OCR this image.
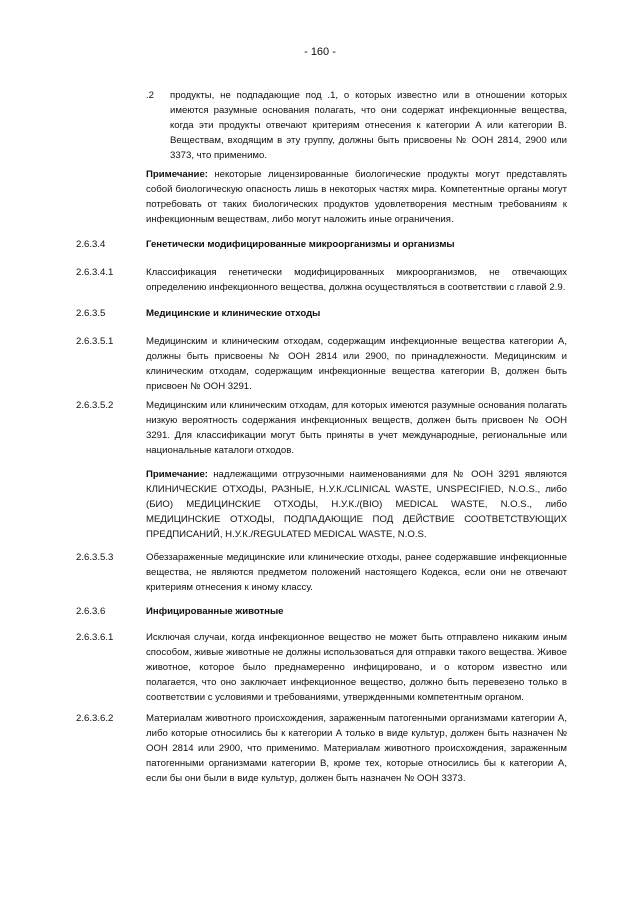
- 160 -
.2	продукты, не подпадающие под .1, о которых известно или в отношении которых имеются разумные основания полагать, что они содержат инфекционные вещества, когда эти продукты отвечают критериям отнесения к категории А или категории В. Веществам, входящим в эту группу, должны быть присвоены № ООН 2814, 2900 или 3373, что применимо.
Примечание: некоторые лицензированные биологические продукты могут представлять собой биологическую опасность лишь в некоторых частях мира. Компетентные органы могут потребовать от таких биологических продуктов удовлетворения местным требованиям к инфекционным веществам, либо могут наложить иные ограничения.
2.6.3.4	Генетически модифицированные микроорганизмы и организмы
2.6.3.4.1	Классификация генетически модифицированных микроорганизмов, не отвечающих определению инфекционного вещества, должна осуществляться в соответствии с главой 2.9.
2.6.3.5	Медицинские и клинические отходы
2.6.3.5.1	Медицинским и клиническим отходам, содержащим инфекционные вещества категории А, должны быть присвоены № ООН 2814 или 2900, по принадлежности. Медицинским и клиническим отходам, содержащим инфекционные вещества категории В, должен быть присвоен № ООН 3291.
2.6.3.5.2	Медицинским или клиническим отходам, для которых имеются разумные основания полагать низкую вероятность содержания инфекционных веществ, должен быть присвоен № ООН 3291. Для классификации могут быть приняты в учет международные, региональные или национальные каталоги отходов.
Примечание: надлежащими отгрузочными наименованиями для № ООН 3291 являются КЛИНИЧЕСКИЕ ОТХОДЫ, РАЗНЫЕ, Н.У.К./CLINICAL WASTE, UNSPECIFIED, N.O.S., либо (БИО) МЕДИЦИНСКИЕ ОТХОДЫ, Н.У.К./(BIO) MEDICAL WASTE, N.O.S., либо МЕДИЦИНСКИЕ ОТХОДЫ, ПОДПАДАЮЩИЕ ПОД ДЕЙСТВИЕ СООТВЕТСТВУЮЩИХ ПРЕДПИСАНИЙ, Н.У.К./REGULATED MEDICAL WASTE, N.O.S.
2.6.3.5.3	Обеззараженные медицинские или клинические отходы, ранее содержавшие инфекционные вещества, не являются предметом положений настоящего Кодекса, если они не отвечают критериям отнесения к иному классу.
2.6.3.6	Инфицированные животные
2.6.3.6.1	Исключая случаи, когда инфекционное вещество не может быть отправлено никаким иным способом, живые животные не должны использоваться для отправки такого вещества. Живое животное, которое было преднамеренно инфицировано, и о котором известно или полагается, что оно заключает инфекционное вещество, должно быть перевезено только в соответствии с условиями и требованиями, утвержденными компетентным органом.
2.6.3.6.2	Материалам животного происхождения, зараженным патогенными организмами категории А, либо которые относились бы к категории А только в виде культур, должен быть назначен № ООН 2814 или 2900, что применимо. Материалам животного происхождения, зараженным патогенными организмами категории В, кроме тех, которые относились бы к категории А, если бы они были в виде культур, должен быть назначен № ООН 3373.
